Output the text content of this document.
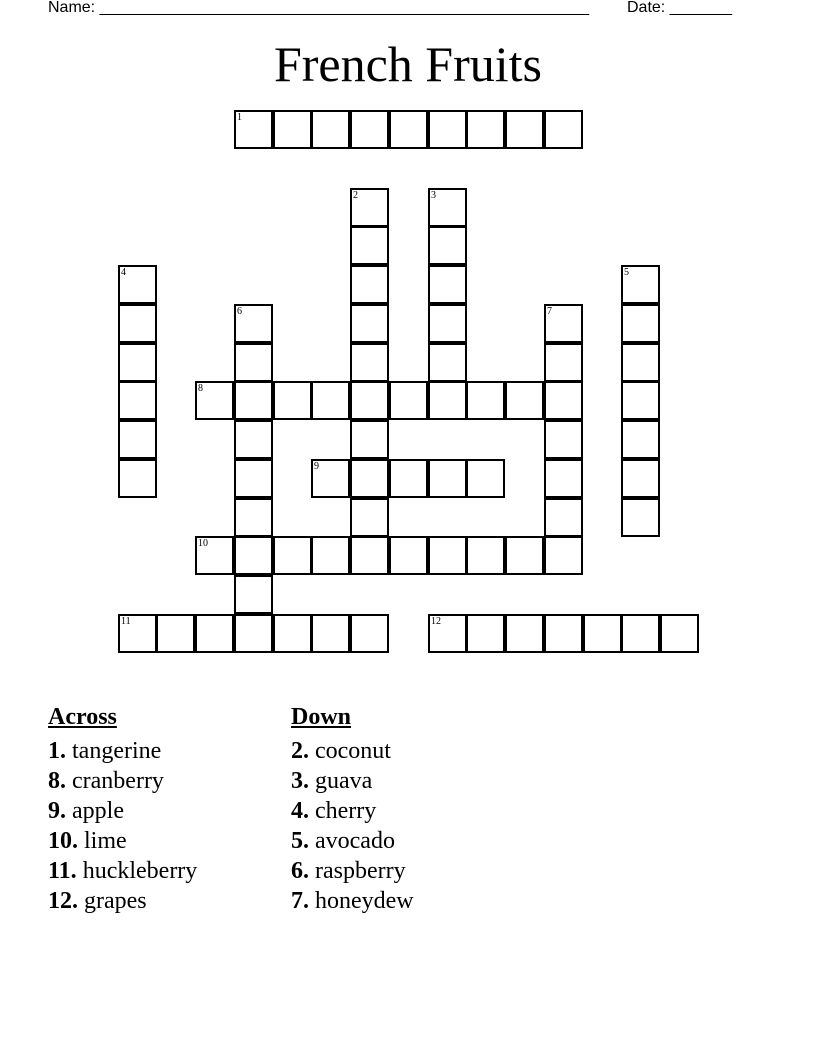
Name: _______________________________________________________ Date: _______
French Fruits
1
2	3
4	5
6	7
8
9
10
11	12
Across
1. tangerine
8. cranberry
9. apple
10. lime
11. huckleberry
12. grapes
Down
2. coconut
3. guava
4. cherry
5. avocado
6. raspberry
7. honeydew
